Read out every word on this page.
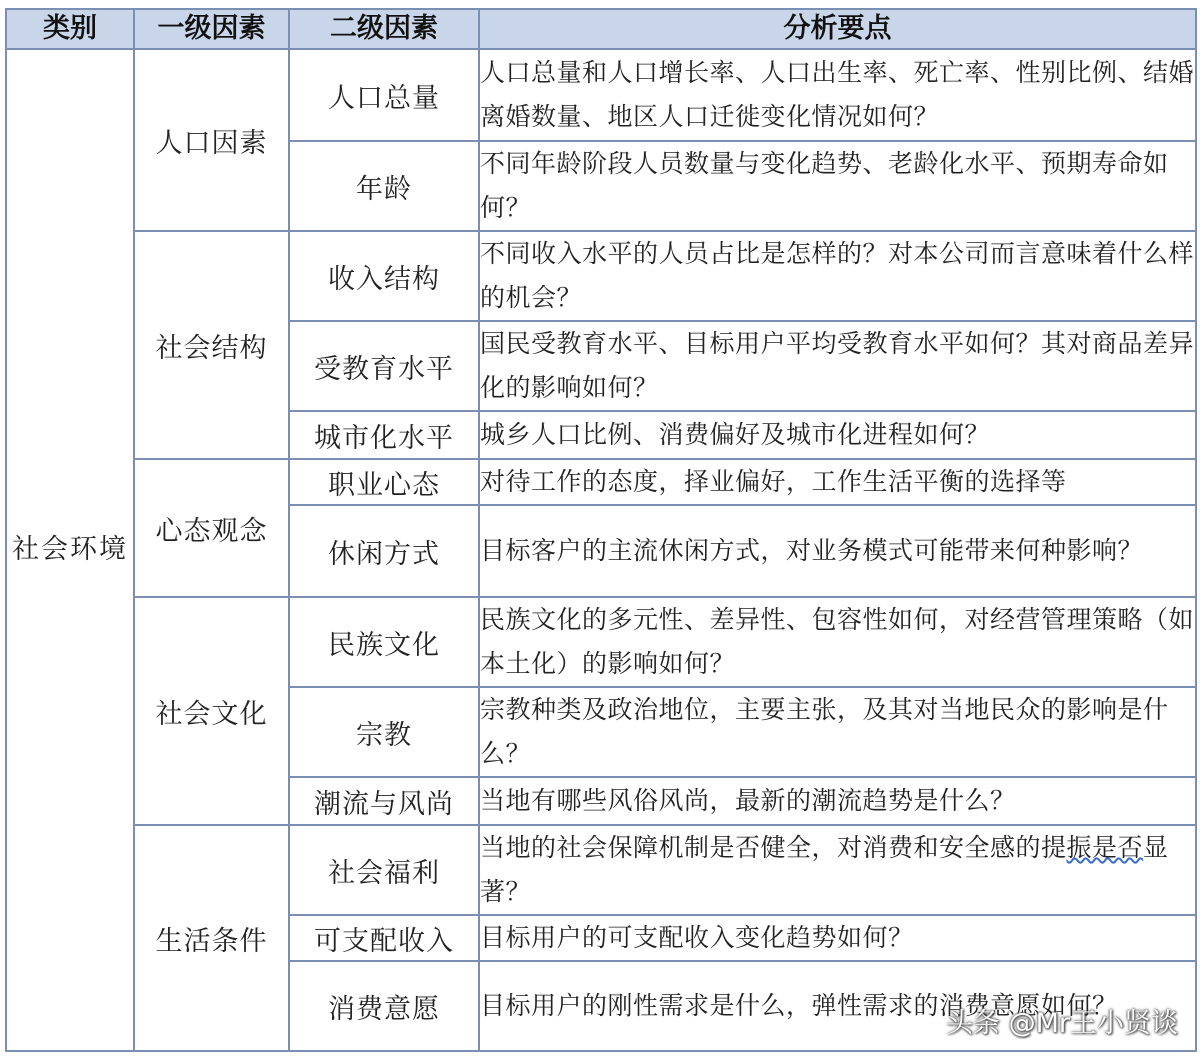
类别	一级因素	二级因素	分析要点
社会环境	人口因素	人口总量	人口总量和人口增长率、人口出生率、死亡率、性别比例、结婚离婚数量、地区人口迁徙变化情况如何？
		年龄	不同年龄阶段人员数量与变化趋势、老龄化水平、预期寿命如何？
	社会结构	收入结构	不同收入水平的人员占比是怎样的？对本公司而言意味着什么样的机会？
		受教育水平	国民受教育水平、目标用户平均受教育水平如何？其对商品差异化的影响如何？
		城市化水平	城乡人口比例、消费偏好及城市化进程如何？
	心态观念	职业心态	对待工作的态度，择业偏好，工作生活平衡的选择等
		休闲方式	目标客户的主流休闲方式，对业务模式可能带来何种影响？
	社会文化	民族文化	民族文化的多元性、差异性、包容性如何，对经营管理策略（如本土化）的影响如何？
		宗教	宗教种类及政治地位，主要主张，及其对当地民众的影响是什么？
		潮流与风尚	当地有哪些风俗风尚，最新的潮流趋势是什么？
	生活条件	社会福利	当地的社会保障机制是否健全，对消费和安全感的提振是否显著？
		可支配收入	目标用户的可支配收入变化趋势如何？
		消费意愿	目标用户的刚性需求是什么，弹性需求的消费意愿如何？
头条 @Mr王小贤谈
